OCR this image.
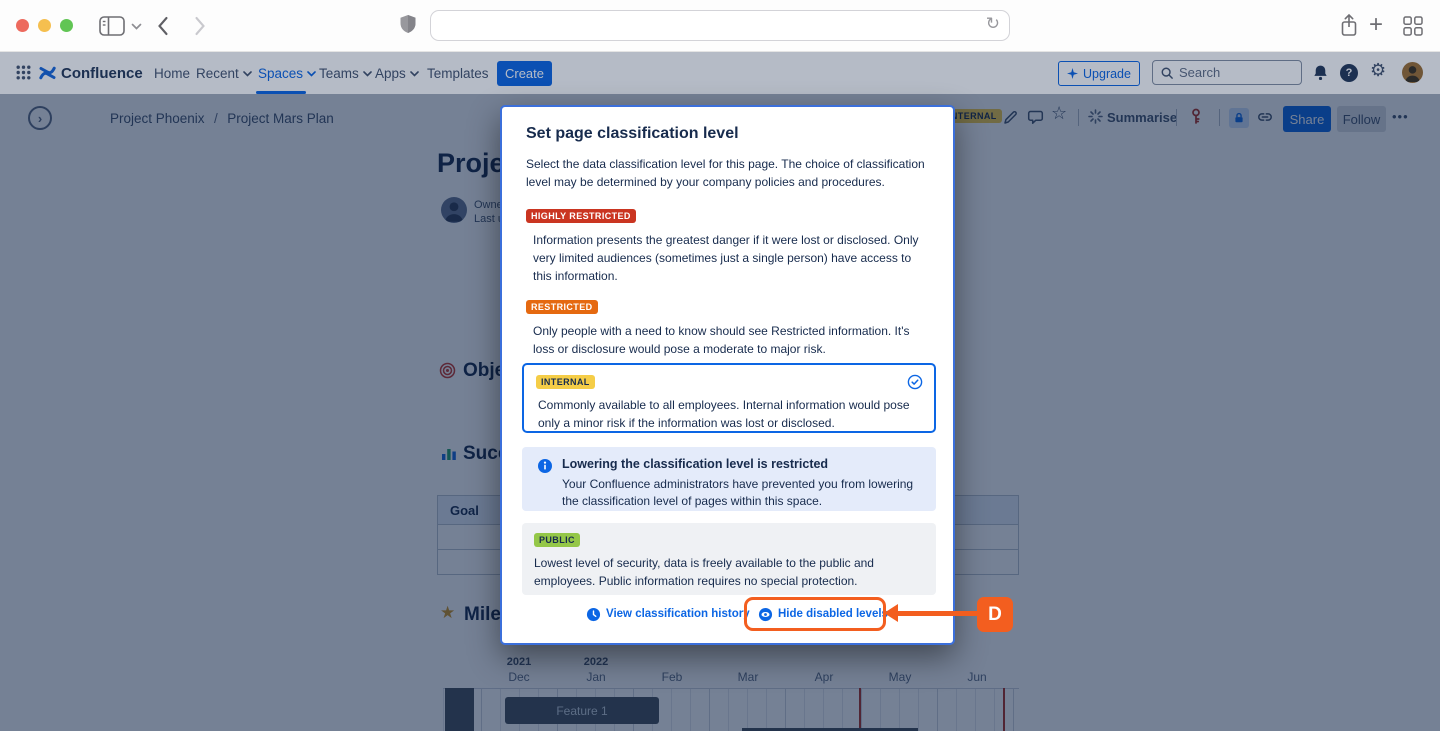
↻	+
Confluence Home Recent Spaces Teams Apps Templates Create	Upgrade
Search	? ⚙
Set page classification level
Select the data classification level for this page. The choice of classification level may be determined by your company policies and procedures.
HIGHLY RESTRICTED
Information presents the greatest danger if it were lost or disclosed. Only very limited audiences (sometimes just a single person) have access to this information.
RESTRICTED
Only people with a need to know should see Restricted information. It's loss or disclosure would pose a moderate to major risk.
INTERNAL
Commonly available to all employees. Internal information would pose only a minor risk if the information was lost or disclosed.
Lowering the classification level is restricted
Your Confluence administrators have prevented you from lowering the classification level of pages within this space.
PUBLIC
Lowest level of security, data is freely available to the public and employees. Public information requires no special protection.
View classification history Hide disabled levels	D
